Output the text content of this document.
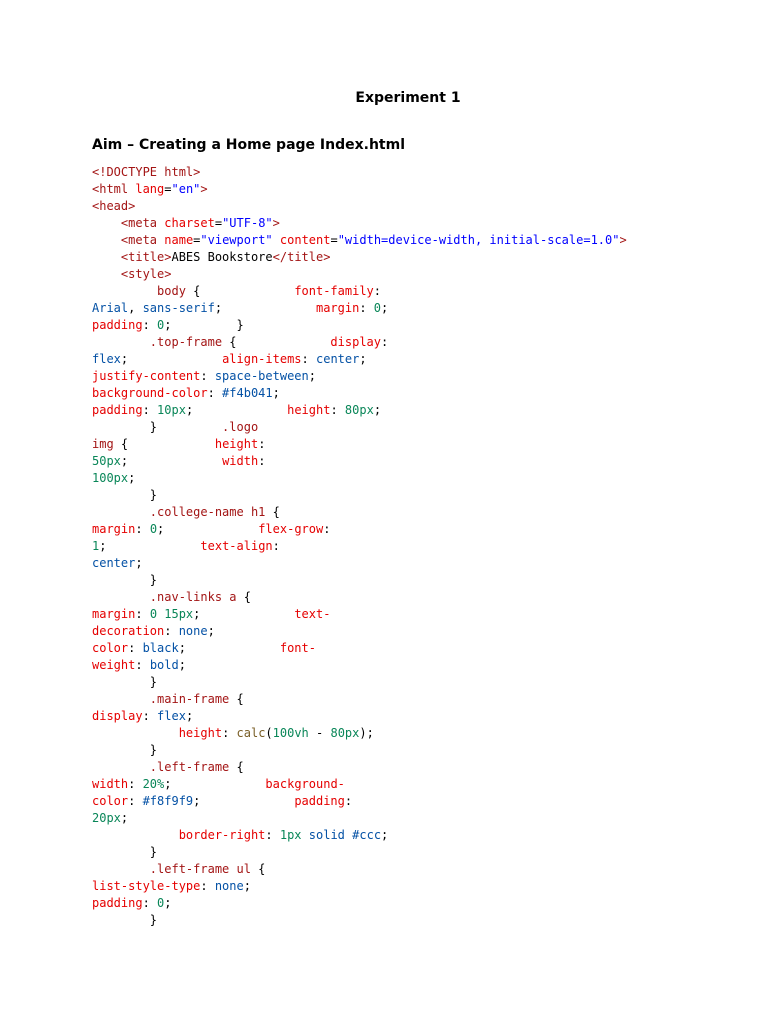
Experiment 1
Aim – Creating a Home page Index.html
<!DOCTYPE html>
<html lang="en">
<head>
<meta charset="UTF-8">
<meta name="viewport" content="width=device-width, initial-scale=1.0">
<title>ABES Bookstore</title>
<style>
body {             font-family:
Arial, sans-serif;             margin: 0;
padding: 0;         }
.top-frame {             display:
flex;             align-items: center;
justify-content: space-between;
background-color: #f4b041;
padding: 10px;             height: 80px;
}         .logo
img {            height:
50px;             width:
100px;
}
.college-name h1 {
margin: 0;             flex-grow:
1;             text-align:
center;
}
.nav-links a {
margin: 0 15px;             text-
decoration: none;
color: black;             font-
weight: bold;
}
.main-frame {
display: flex;
height: calc(100vh - 80px);
}
.left-frame {
width: 20%;             background-
color: #f8f9f9;             padding:
20px;
border-right: 1px solid #ccc;
}
.left-frame ul {
list-style-type: none;
padding: 0;
}
